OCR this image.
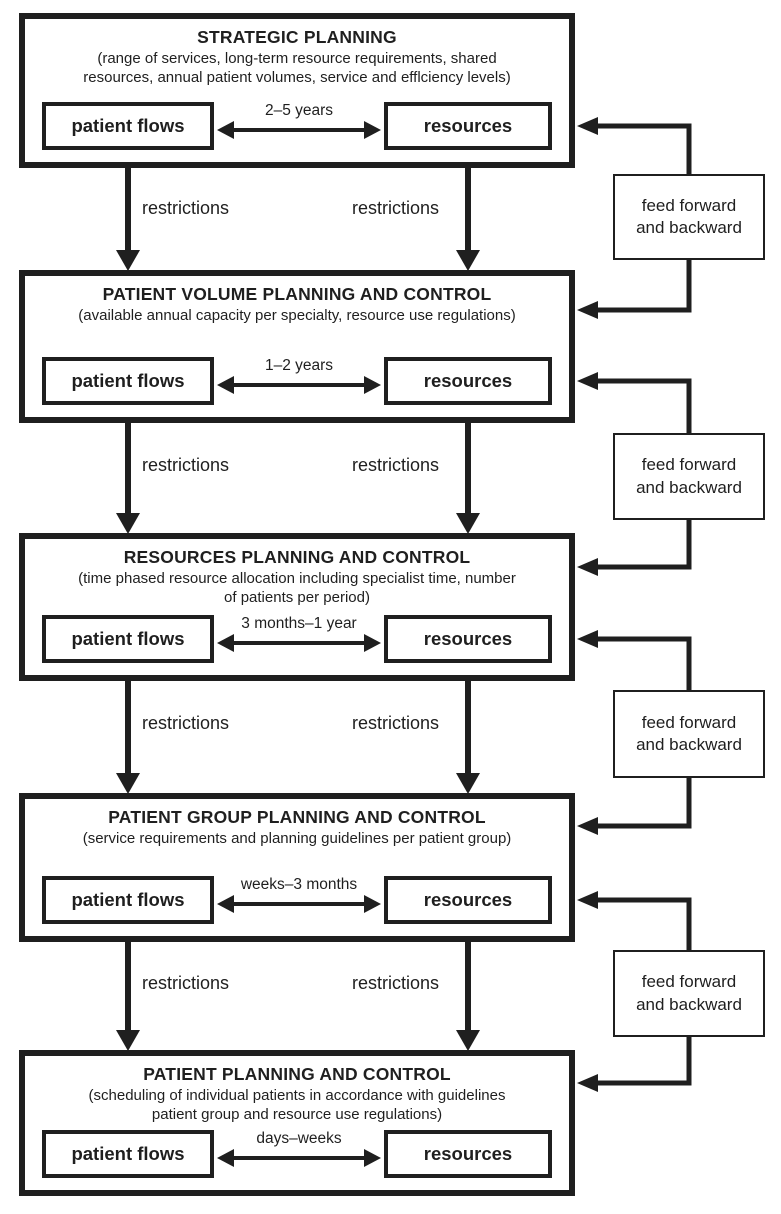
STRATEGIC PLANNING
(range of services, long-term resource requirements, shared
resources, annual patient volumes, service and efflciency levels)
patient flows
2–5 years
resources
PATIENT VOLUME PLANNING AND CONTROL
(available annual capacity per specialty, resource use regulations)
patient flows
1–2 years
resources
RESOURCES PLANNING AND CONTROL
(time phased resource allocation including specialist time, number
of patients per period)
patient flows
3 months–1 year
resources
PATIENT GROUP PLANNING AND CONTROL
(service requirements and planning guidelines per patient group)
patient flows
weeks–3 months
resources
PATIENT PLANNING AND CONTROL
(scheduling of individual patients in accordance with guidelines
patient group and resource use regulations)
patient flows
days–weeks
resources
restrictions	restrictions
restrictions	restrictions
restrictions	restrictions
restrictions	restrictions
feed forward
and backward
feed forward
and backward
feed forward
and backward
feed forward
and backward
